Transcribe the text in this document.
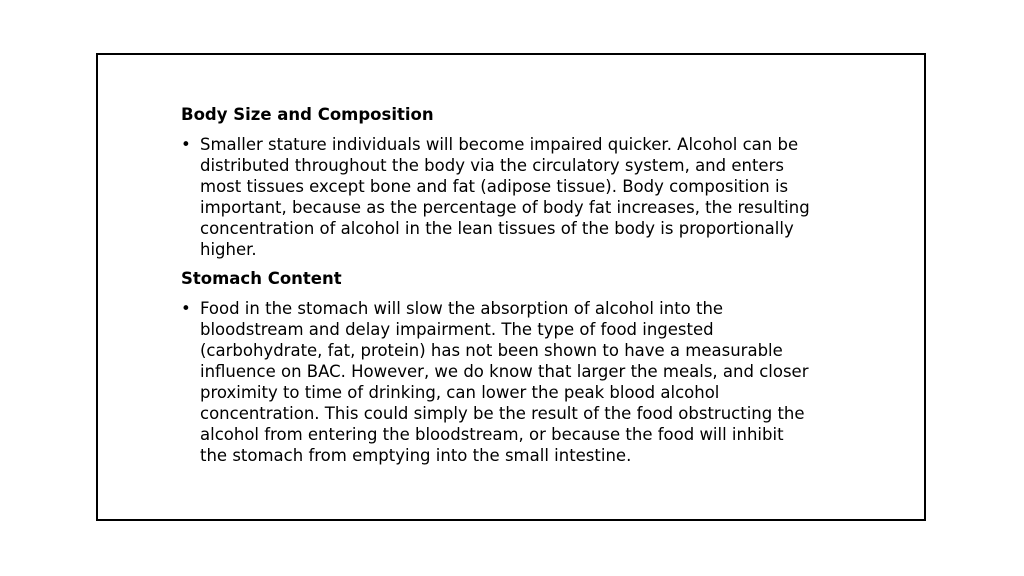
Body Size and Composition
• Smaller stature individuals will become impaired quicker. Alcohol can be
distributed throughout the body via the circulatory system, and enters
most tissues except bone and fat (adipose tissue). Body composition is
important, because as the percentage of body fat increases, the resulting
concentration of alcohol in the lean tissues of the body is proportionally
higher.
Stomach Content
• Food in the stomach will slow the absorption of alcohol into the
bloodstream and delay impairment. The type of food ingested
(carbohydrate, fat, protein) has not been shown to have a measurable
influence on BAC. However, we do know that larger the meals, and closer
proximity to time of drinking, can lower the peak blood alcohol
concentration. This could simply be the result of the food obstructing the
alcohol from entering the bloodstream, or because the food will inhibit
the stomach from emptying into the small intestine.
